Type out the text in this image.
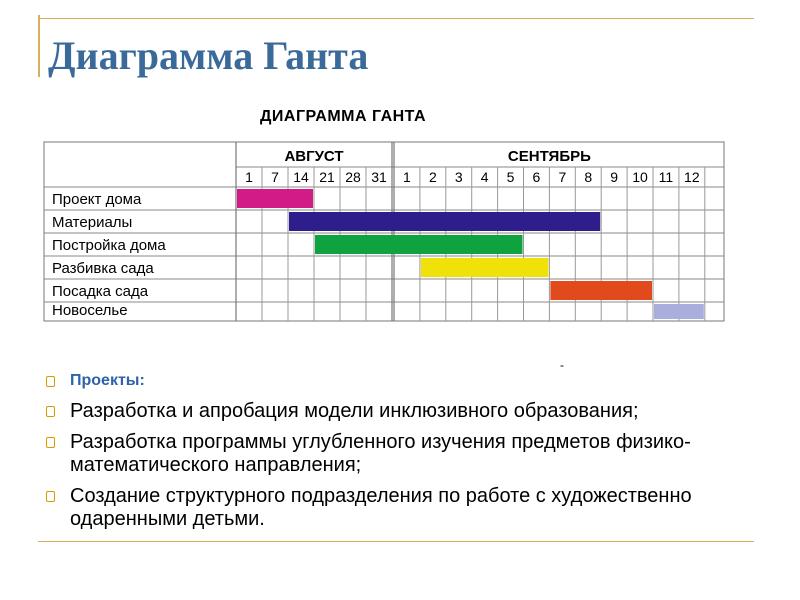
Диаграмма Ганта
ДИАГРАММА ГАНТА
АВГУСТ	СЕНТЯБРЬ
1 7 14 21 28 31 1 2 3 4 5 6 7 8 9 10 11 12
Проект дома
Материалы
Постройка дома
Разбивка сада
Посадка сада
Новоселье
-
Проекты:
Разработка и апробация модели инклюзивного образования;
Разработка программы углубленного изучения предметов физико-математического направления;
Создание структурного подразделения по работе с художественно одаренными детьми.
